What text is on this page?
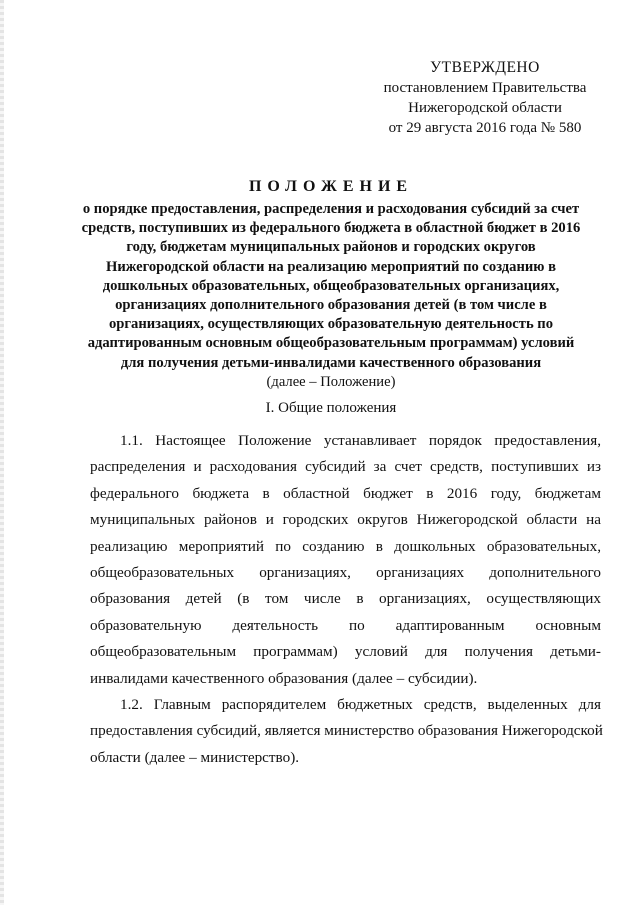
УТВЕРЖДЕНО
постановлением Правительства
Нижегородской области
от 29 августа 2016 года № 580
ПОЛОЖЕНИЕ
о порядке предоставления, распределения и расходования субсидий за счет
средств, поступивших из федерального бюджета в областной бюджет в 2016
году, бюджетам муниципальных районов и городских округов
Нижегородской области на реализацию мероприятий по созданию в
дошкольных образовательных, общеобразовательных организациях,
организациях дополнительного образования детей (в том числе в
организациях, осуществляющих образовательную деятельность по
адаптированным основным общеобразовательным программам) условий
для получения детьми-инвалидами качественного образования
(далее – Положение)
I. Общие положения
1.1. Настоящее Положение устанавливает порядок предоставления,
распределения и расходования субсидий за счет средств, поступивших из
федерального бюджета в областной бюджет в 2016 году, бюджетам
муниципальных районов и городских округов Нижегородской области на
реализацию мероприятий по созданию в дошкольных образовательных,
общеобразовательных организациях, организациях дополнительного
образования детей (в том числе в организациях, осуществляющих
образовательную деятельность по адаптированным основным
общеобразовательным программам) условий для получения детьми-
инвалидами качественного образования (далее – субсидии).
1.2. Главным распорядителем бюджетных средств, выделенных для
предоставления субсидий, является министерство образования Нижегородской
области (далее – министерство).
